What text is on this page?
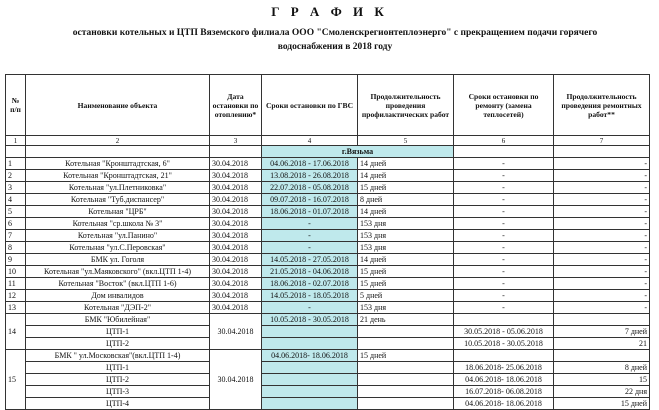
Г Р А Ф И К
остановки котельных и ЦТП Вяземского филиала ООО "Смоленскрегионтеплоэнерго" с прекращением подачи горячего
водоснабжения в 2018 году
№ п/п	Наименование объекта	Дата остановки по отоплению*	Сроки остановки по ГВС	Продолжительность проведения профилактических работ	Сроки остановки по ремонту (замена теплосетей)	Продолжительность проведения ремонтных работ**
1	2	3	4	5	6	7
			г.Вязьма			
1	Котельная "Кронштадтская, 6"	30.04.2018	04.06.2018 - 17.06.2018	14 дней	-	-
2	Котельная "Кронштадтская, 21"	30.04.2018	13.08.2018 - 26.08.2018	14 дней	-	-
3	Котельная "ул.Плетниковка"	30.04.2018	22.07.2018 - 05.08.2018	15 дней	-	-
4	Котельная "Туб.диспансер"	30.04.2018	09.07.2018 - 16.07.2018	8 дней	-	-
5	Котельная "ЦРБ"	30.04.2018	18.06.2018 - 01.07.2018	14 дней	-	-
6	Котельная "ср.школа № 3"	30.04.2018	-	153 дня	-	-
7	Котельная "ул.Панино"	30.04.2018	-	153 дня	-	-
8	Котельная "ул.С.Перовская"	30.04.2018	-	153 дня	-	-
9	БМК ул. Гоголя	30.04.2018	14.05.2018 - 27.05.2018	14 дней	-	-
10	Котельная "ул.Маяковского" (вкл.ЦТП 1-4)	30.04.2018	21.05.2018 - 04.06.2018	15 дней	-	-
11	Котельная "Восток" (вкл.ЦТП 1-6)	30.04.2018	18.06.2018 - 02.07.2018	15 дней	-	-
12	Дом инвалидов	30.04.2018	14.05.2018 - 18.05.2018	5 дней	-	-
13	Котельная "ДЭП-2"	30.04.2018	-	153 дня	-	-
14	БМК "Юбилейная"	30.04.2018	10.05.2018 - 30.05.2018	21 день		
	ЦТП-1				30.05.2018 - 05.06.2018	7 дней
	ЦТП-2				10.05.2018 - 30.05.2018	21
15	БМК " ул.Московская"(вкл.ЦТП 1-4)	30.04.2018	04.06.2018- 18.06.2018	15 дней		
	ЦТП-1				18.06.2018- 25.06.2018	8 дней
	ЦТП-2				04.06.2018- 18.06.2018	15
	ЦТП-3				16.07.2018- 06.08.2018	22 дня
	ЦТП-4				04.06.2018- 18.06.2018	15 дней
